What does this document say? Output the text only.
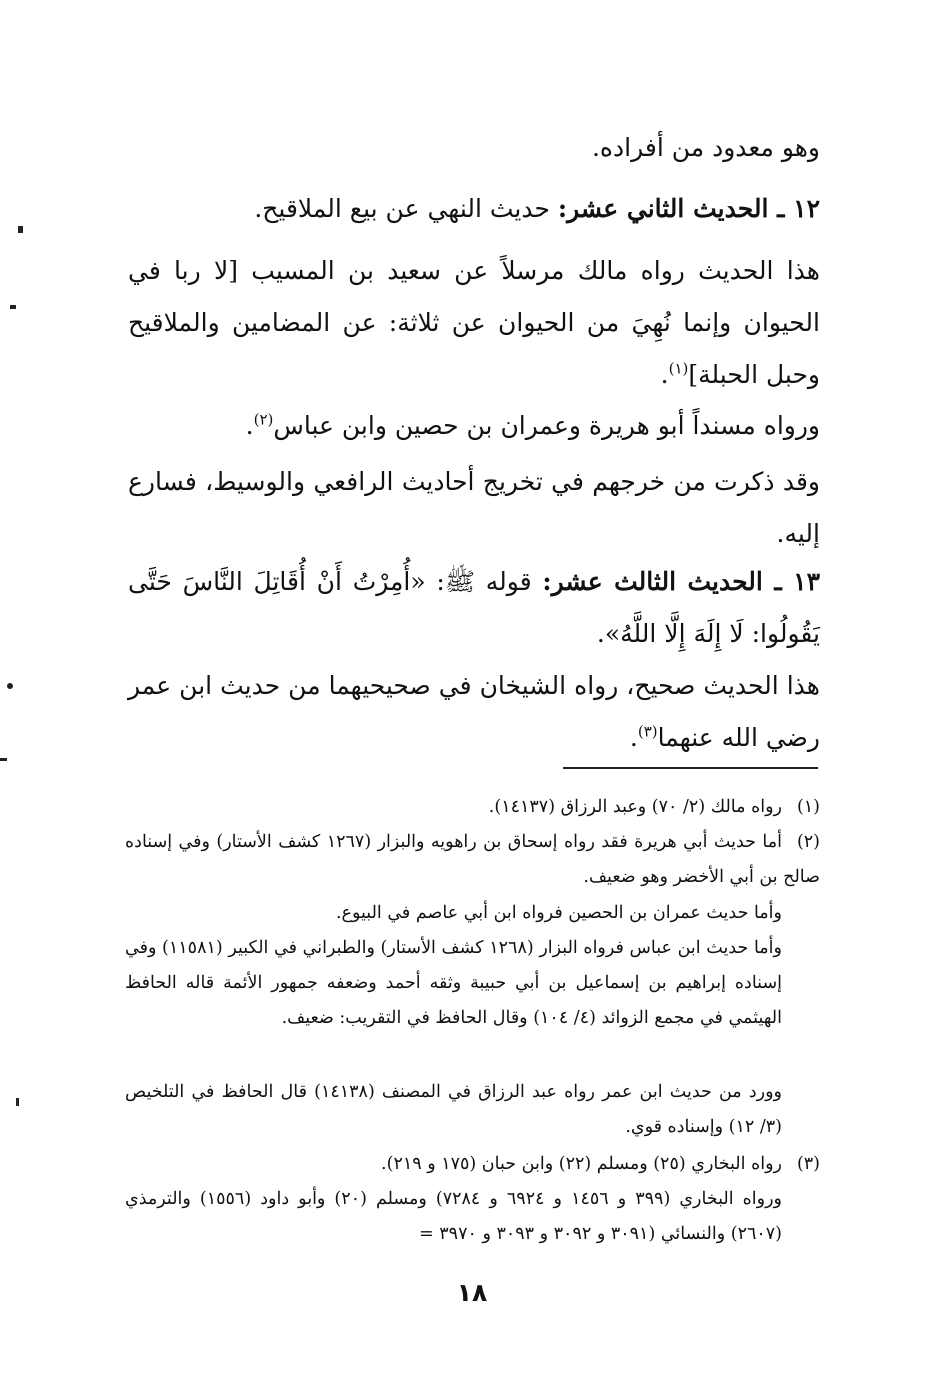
وهو معدود من أفراده.

١٢ ـ الحديث الثاني عشر: حديث النهي عن بيع الملاقيح.

هذا الحديث رواه مالك مرسلاً عن سعيد بن المسيب [لا ربا في الحيوان وإنما نُهِيَ من الحيوان عن ثلاثة: عن المضامين والملاقيح وحبل الحبلة]$^{(١)}$.

ورواه مسنداً أبو هريرة وعمران بن حصين وابن عباس$^{(٢)}$.

وقد ذكرت من خرجهم في تخريج أحاديث الرافعي والوسيط، فسارع إليه.

١٣ ـ الحديث الثالث عشر: قوله ﷺ: «أُمِرْتُ أَنْ أُقَاتِلَ النَّاسَ حَتَّى يَقُولُوا: لَا إِلَهَ إِلَّا اللَّهُ».

هذا الحديث صحيح، رواه الشيخان في صحيحيهما من حديث ابن عمر رضي الله عنهما$^{(٣)}$.

(١)رواه مالك (٢/ ٧٠) وعبد الرزاق (١٤١٣٧).

(٢)أما حديث أبي هريرة فقد رواه إسحاق بن راهويه والبزار (١٢٦٧ كشف الأستار) وفي إسناده صالح بن أبي الأخضر وهو ضعيف.

وأما حديث عمران بن الحصين فرواه ابن أبي عاصم في البيوع.

وأما حديث ابن عباس فرواه البزار (١٢٦٨ كشف الأستار) والطبراني في الكبير (١١٥٨١) وفي إسناده إبراهيم بن إسماعيل بن أبي حبيبة وثقه أحمد وضعفه جمهور الأئمة قاله الحافظ الهيثمي في مجمع الزوائد (٤/ ١٠٤) وقال الحافظ في التقريب: ضعيف.

وورد من حديث ابن عمر رواه عبد الرزاق في المصنف (١٤١٣٨) قال الحافظ في التلخيص (٣/ ١٢) وإسناده قوي.

(٣)رواه البخاري (٢٥) ومسلم (٢٢) وابن حبان (١٧٥ و ٢١٩).

ورواه البخاري (٣٩٩ و ١٤٥٦ و ٦٩٢٤ و ٧٢٨٤) ومسلم (٢٠) وأبو داود (١٥٥٦) والترمذي (٢٦٠٧) والنسائي (٣٠٩١ و ٣٠٩٢ و ٣٠٩٣ و ٣٩٧٠ =

١٨
